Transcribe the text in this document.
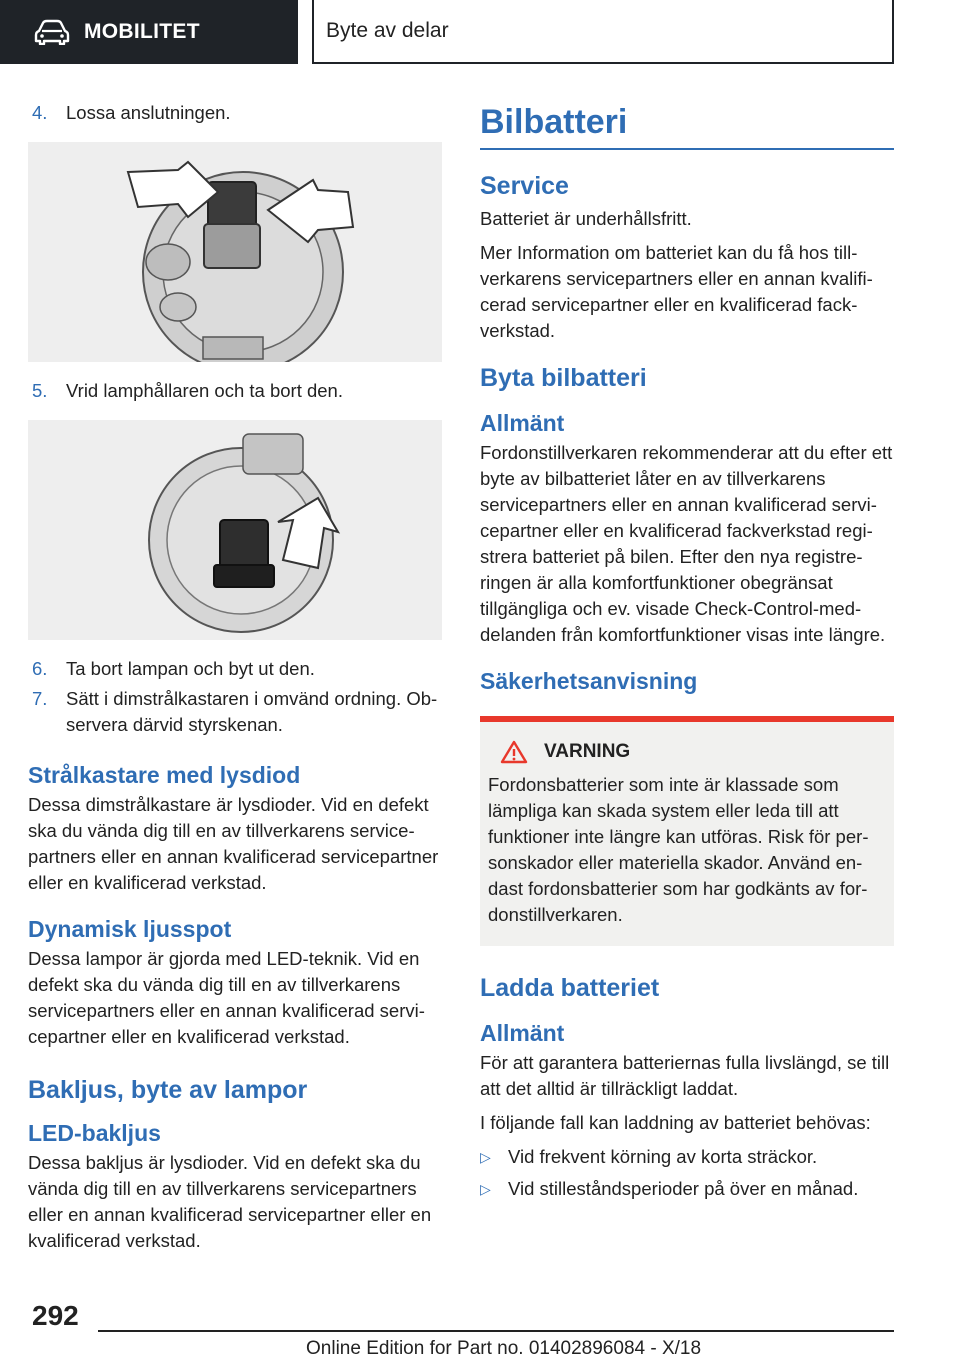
MOBILITET	Byte av delar
4.	Lossa anslutningen.
5.	Vrid lamphållaren och ta bort den.
6.	Ta bort lampan och byt ut den.
7.	Sätt i dimstrålkastaren i omvänd ordning. Observera därvid styrskenan.
Strålkastare med lysdiod
Dessa dimstrålkastare är lysdioder. Vid en defekt ska du vända dig till en av tillverkarens servicepartners eller en annan kvalificerad servicepartner eller en kvalificerad verkstad.
Dynamisk ljusspot
Dessa lampor är gjorda med LED-teknik. Vid en defekt ska du vända dig till en av tillverkarens servicepartners eller en annan kvalificerad servicepartner eller en kvalificerad verkstad.
Bakljus, byte av lampor
LED-bakljus
Dessa bakljus är lysdioder. Vid en defekt ska du vända dig till en av tillverkarens servicepartners eller en annan kvalificerad servicepartner eller en kvalificerad verkstad.
Bilbatteri
Service
Batteriet är underhållsfritt.
Mer Information om batteriet kan du få hos tillverkarens servicepartners eller en annan kvalificerad servicepartner eller en kvalificerad fackverkstad.
Byta bilbatteri
Allmänt
Fordonstillverkaren rekommenderar att du efter ett byte av bilbatteriet låter en av tillverkarens servicepartners eller en annan kvalificerad servicepartner eller en kvalificerad fackverkstad registrera batteriet på bilen. Efter den nya registreringen är alla komfortfunktioner obegränsat tillgängliga och ev. visade Check-Control-meddelanden från komfortfunktioner visas inte längre.
Säkerhetsanvisning
VARNING
Fordonsbatterier som inte är klassade som lämpliga kan skada system eller leda till att funktioner inte längre kan utföras. Risk för personskador eller materiella skador. Använd endast fordonsbatterier som har godkänts av fordonstillverkaren.
Ladda batteriet
Allmänt
För att garantera batteriernas fulla livslängd, se till att det alltid är tillräckligt laddat.
I följande fall kan laddning av batteriet behövas:
▷ Vid frekvent körning av korta sträckor.
▷ Vid stilleståndsperioder på över en månad.
292
Online Edition for Part no. 01402896084 - X/18
